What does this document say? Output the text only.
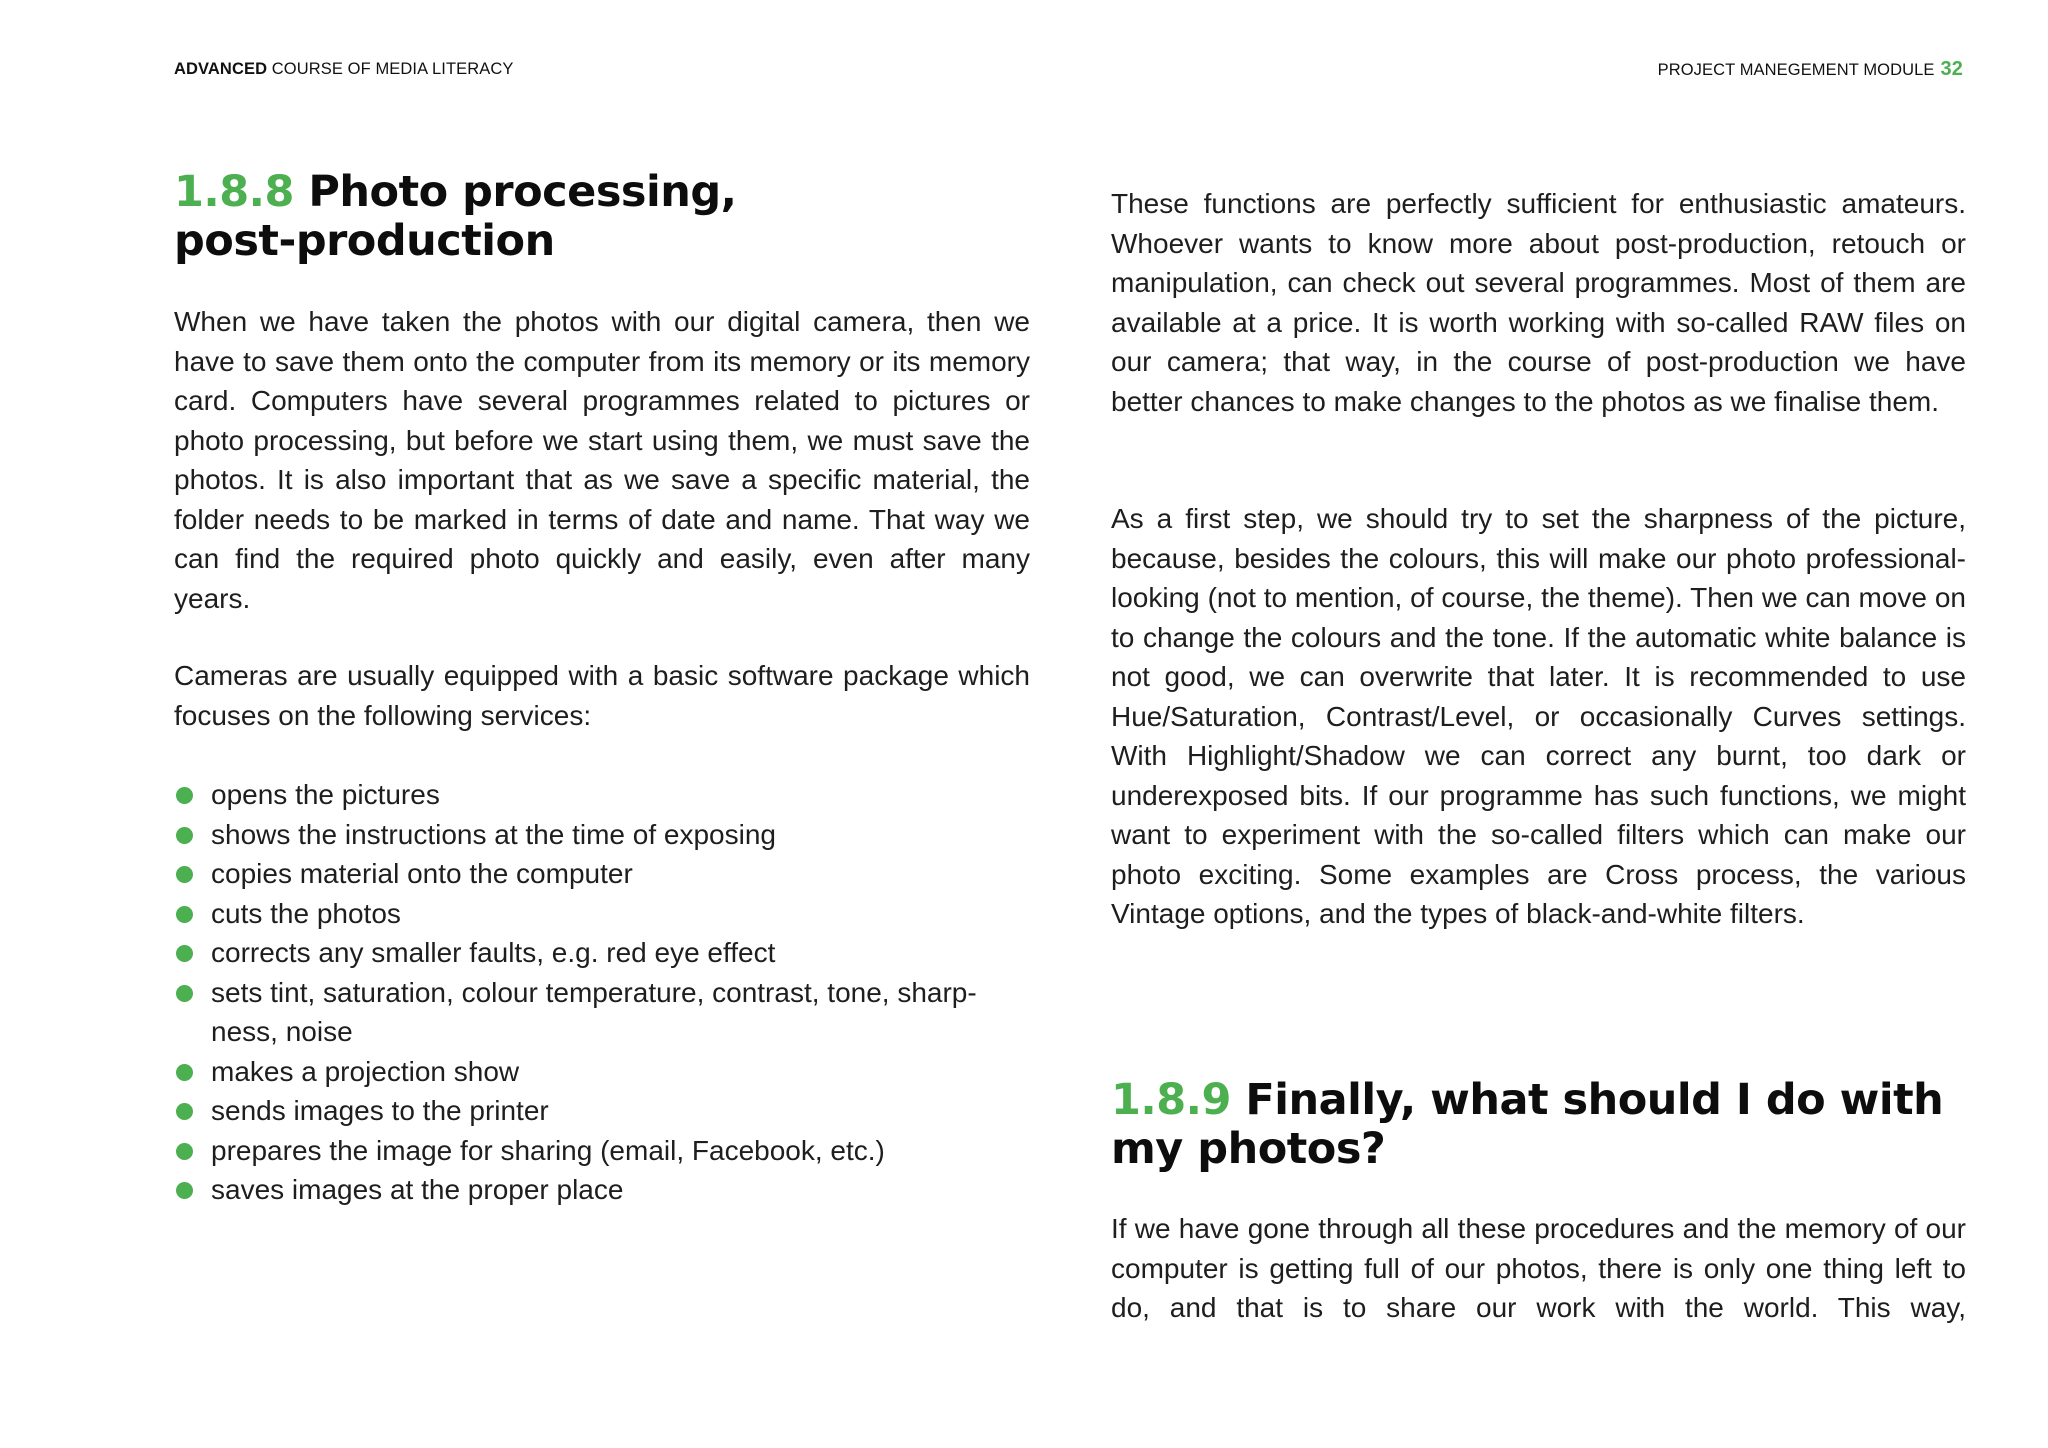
ADVANCED COURSE OF MEDIA LITERACY	PROJECT MANEGEMENT MODULE 32
1.8.8 Photo processing,
post-production

When we have taken the photos with our digital camera, then we have to save them onto the computer from its memory or its memory card. Computers have several programmes related to pictures or photo processing, but before we start using them, we must save the photos. It is also important that as we save a specific material, the folder needs to be marked in terms of date and name. That way we can find the required photo quickly and easily, even after many years.

Cameras are usually equipped with a basic software package which focuses on the following services:

opens the pictures
shows the instructions at the time of exposing
copies material onto the computer
cuts the photos
corrects any smaller faults, e.g. red eye effect
sets tint, saturation, colour temperature, contrast, tone, sharpness, noise
makes a projection show
sends images to the printer
prepares the image for sharing (email, Facebook, etc.)
saves images at the proper place

These functions are perfectly sufficient for enthusiastic amateurs. Whoever wants to know more about post-production, retouch or manipulation, can check out several programmes. Most of them are available at a price. It is worth working with so-called RAW files on our camera; that way, in the course of post-production we have better chances to make changes to the photos as we finalise them.

As a first step, we should try to set the sharpness of the picture, because, besides the colours, this will make our photo professional-looking (not to mention, of course, the theme). Then we can move on to change the colours and the tone. If the automatic white balance is not good, we can overwrite that later. It is recommended to use Hue/Saturation, Contrast/Level, or occasionally Curves settings. With Highlight/Shadow we can correct any burnt, too dark or underexposed bits. If our programme has such functions, we might want to experiment with the so-called filters which can make our photo exciting. Some examples are Cross process, the various Vintage options, and the types of black-and-white filters.

1.8.9 Finally, what should I do with
my photos?

If we have gone through all these procedures and the memory of our computer is getting full of our photos, there is only one thing left to do, and that is to share our work with the world. This way,
